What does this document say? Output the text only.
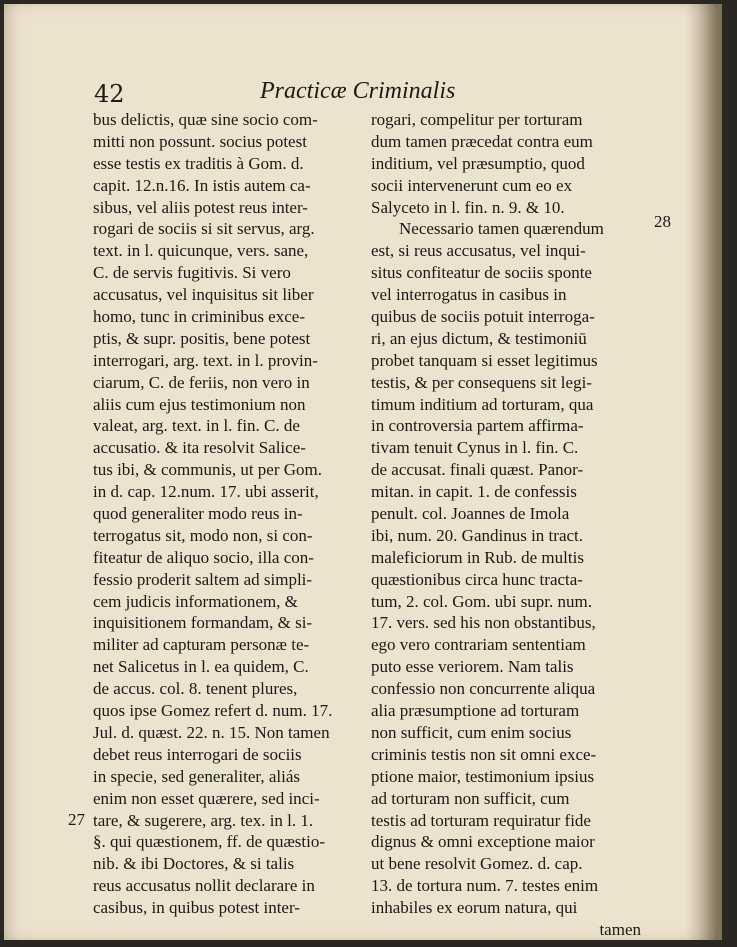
42	Practicæ Criminalis
28
27
bus delictis, quæ sine socio com-
mitti non possunt. socius potest
esse testis ex traditis à Gom. d.
capit. 12.n.16. In istis autem ca-
sibus, vel aliis potest reus inter-
rogari de sociis si sit servus, arg.
text. in l. quicunque, vers. sane,
C. de servis fugitivis. Si vero
accusatus, vel inquisitus sit liber
homo, tunc in criminibus exce-
ptis, & supr. positis, bene potest
interrogari, arg. text. in l. provin-
ciarum, C. de feriis, non vero in
aliis cum ejus testimonium non
valeat, arg. text. in l. fin. C. de
accusatio. & ita resolvit Salice-
tus ibi, & communis, ut per Gom.
in d. cap. 12.num. 17. ubi asserit,
quod generaliter modo reus in-
terrogatus sit, modo non, si con-
fiteatur de aliquo socio, illa con-
fessio proderit saltem ad simpli-
cem judicis informationem, &
inquisitionem formandam, & si-
militer ad capturam personæ te-
net Salicetus in l. ea quidem, C.
de accus. col. 8. tenent plures,
quos ipse Gomez refert d. num. 17.
Jul. d. quæst. 22. n. 15. Non tamen
debet reus interrogari de sociis
in specie, sed generaliter, aliás
enim non esset quærere, sed inci-
tare, & sugerere, arg. tex. in l. 1.
§. qui quæstionem, ff. de quæstio-
nib. & ibi Doctores, & si talis
reus accusatus nollit declarare in
casibus, in quibus potest inter-
rogari, compelitur per torturam
dum tamen præcedat contra eum
inditium, vel præsumptio, quod
socii intervenerunt cum eo ex
Salyceto in l. fin. n. 9. & 10.
Necessario tamen quærendum
est, si reus accusatus, vel inqui-
situs confiteatur de sociis sponte
vel interrogatus in casibus in
quibus de sociis potuit interroga-
ri, an ejus dictum, & testimoniū
probet tanquam si esset legitimus
testis, & per consequens sit legi-
timum inditium ad torturam, qua
in controversia partem affirma-
tivam tenuit Cynus in l. fin. C.
de accusat. finali quæst. Panor-
mitan. in capit. 1. de confessis
penult. col. Joannes de Imola
ibi, num. 20. Gandinus in tract.
maleficiorum in Rub. de multis
quæstionibus circa hunc tracta-
tum, 2. col. Gom. ubi supr. num.
17. vers. sed his non obstantibus,
ego vero contrariam sententiam
puto esse veriorem. Nam talis
confessio non concurrente aliqua
alia præsumptione ad torturam
non sufficit, cum enim socius
criminis testis non sit omni exce-
ptione maior, testimonium ipsius
ad torturam non sufficit, cum
testis ad torturam requiratur fide
dignus & omni exceptione maior
ut bene resolvit Gomez. d. cap.
13. de tortura num. 7. testes enim
inhabiles ex eorum natura, qui
tamen
